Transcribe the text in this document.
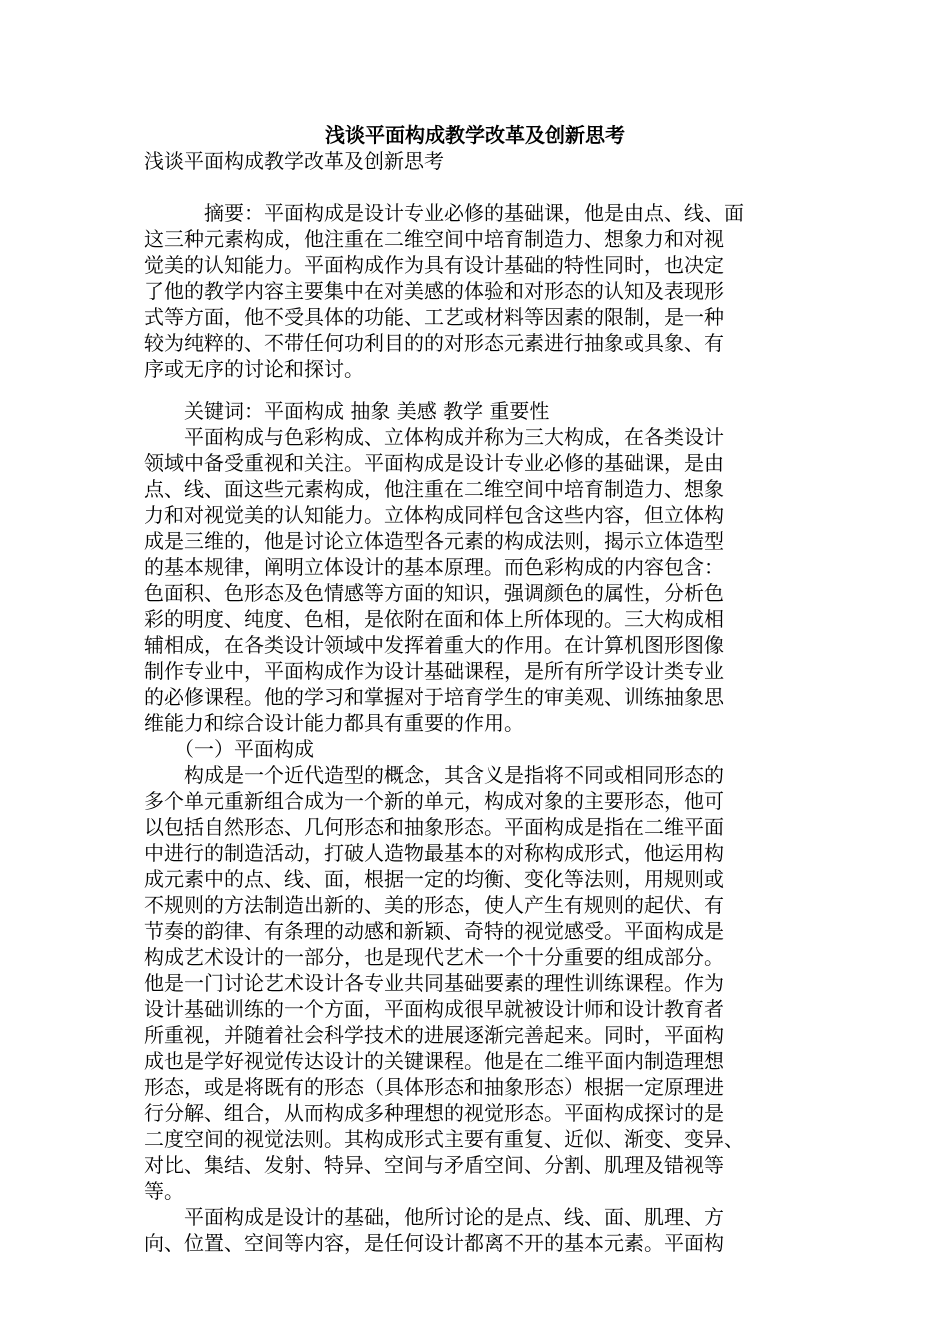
浅谈平面构成教学改革及创新思考

浅谈平面构成教学改革及创新思考

　　　摘要：平面构成是设计专业必修的基础课，他是由点、线、面
这三种元素构成，他注重在二维空间中培育制造力、想象力和对视
觉美的认知能力。平面构成作为具有设计基础的特性同时，也决定
了他的教学内容主要集中在对美感的体验和对形态的认知及表现形
式等方面，他不受具体的功能、工艺或材料等因素的限制，是一种
较为纯粹的、不带任何功利目的的对形态元素进行抽象或具象、有
序或无序的讨论和探讨。
　　关键词：平面构成 抽象 美感 教学 重要性
　　平面构成与色彩构成、立体构成并称为三大构成，在各类设计
领域中备受重视和关注。平面构成是设计专业必修的基础课，是由
点、线、面这些元素构成，他注重在二维空间中培育制造力、想象
力和对视觉美的认知能力。立体构成同样包含这些内容，但立体构
成是三维的，他是讨论立体造型各元素的构成法则，揭示立体造型
的基本规律，阐明立体设计的基本原理。而色彩构成的内容包含：
色面积、色形态及色情感等方面的知识，强调颜色的属性，分析色
彩的明度、纯度、色相，是依附在面和体上所体现的。三大构成相
辅相成，在各类设计领域中发挥着重大的作用。在计算机图形图像
制作专业中，平面构成作为设计基础课程，是所有所学设计类专业
的必修课程。他的学习和掌握对于培育学生的审美观、训练抽象思
维能力和综合设计能力都具有重要的作用。
　　（一）平面构成
　　构成是一个近代造型的概念，其含义是指将不同或相同形态的
多个单元重新组合成为一个新的单元，构成对象的主要形态，他可
以包括自然形态、几何形态和抽象形态。平面构成是指在二维平面
中进行的制造活动，打破人造物最基本的对称构成形式，他运用构
成元素中的点、线、面，根据一定的均衡、变化等法则，用规则或
不规则的方法制造出新的、美的形态，使人产生有规则的起伏、有
节奏的韵律、有条理的动感和新颖、奇特的视觉感受。平面构成是
构成艺术设计的一部分，也是现代艺术一个十分重要的组成部分。
他是一门讨论艺术设计各专业共同基础要素的理性训练课程。作为
设计基础训练的一个方面，平面构成很早就被设计师和设计教育者
所重视，并随着社会科学技术的进展逐渐完善起来。同时，平面构
成也是学好视觉传达设计的关键课程。他是在二维平面内制造理想
形态，或是将既有的形态（具体形态和抽象形态）根据一定原理进
行分解、组合，从而构成多种理想的视觉形态。平面构成探讨的是
二度空间的视觉法则。其构成形式主要有重复、近似、渐变、变异、
对比、集结、发射、特异、空间与矛盾空间、分割、肌理及错视等
等。
　　平面构成是设计的基础，他所讨论的是点、线、面、肌理、方
向、位置、空间等内容，是任何设计都离不开的基本元素。平面构
